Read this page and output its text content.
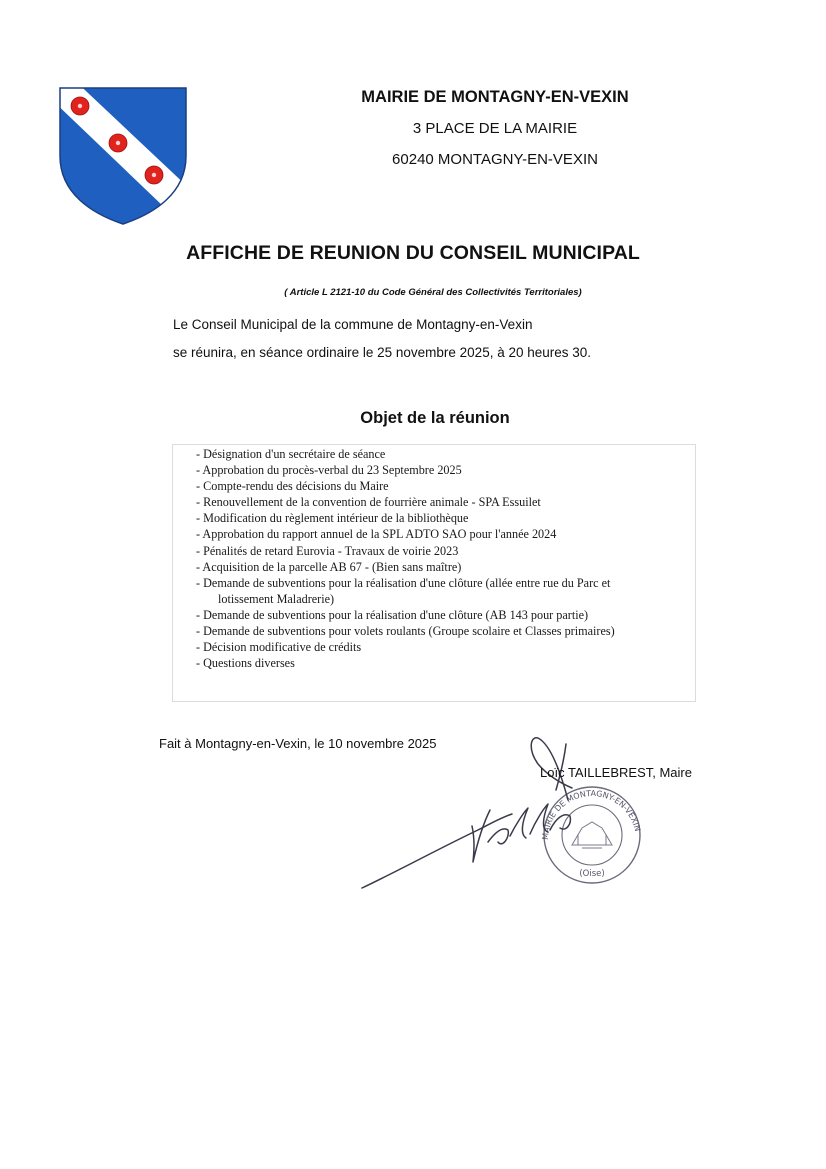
MAIRIE DE MONTAGNY-EN-VEXIN
3 PLACE DE LA MAIRIE
60240 MONTAGNY-EN-VEXIN
AFFICHE DE REUNION DU CONSEIL MUNICIPAL
( Article L 2121-10 du Code Général des Collectivités Territoriales)
Le Conseil Municipal de la commune de Montagny-en-Vexin
se réunira, en séance ordinaire le 25 novembre 2025, à 20 heures 30.
Objet de la réunion
- Désignation d'un secrétaire de séance
- Approbation du procès-verbal du 23 Septembre 2025
- Compte-rendu des décisions du Maire
- Renouvellement de la convention de fourrière animale - SPA Essuilet
- Modification du règlement intérieur de la bibliothèque
- Approbation du rapport annuel de la SPL ADTO SAO pour l'année 2024
- Pénalités de retard Eurovia - Travaux de voirie 2023
- Acquisition de la parcelle AB 67 - (Bien sans maître)
- Demande de subventions pour la réalisation d'une clôture (allée entre rue du Parc et
lotissement Maladrerie)
- Demande de subventions pour la réalisation d'une clôture (AB 143 pour partie)
- Demande de subventions pour volets roulants (Groupe scolaire et Classes primaires)
- Décision modificative de crédits
- Questions diverses
Fait à Montagny-en-Vexin, le 10 novembre 2025
MAIRIE DE MONTAGNY-EN-VEXIN
(Oise)
Loïc TAILLEBREST, Maire
